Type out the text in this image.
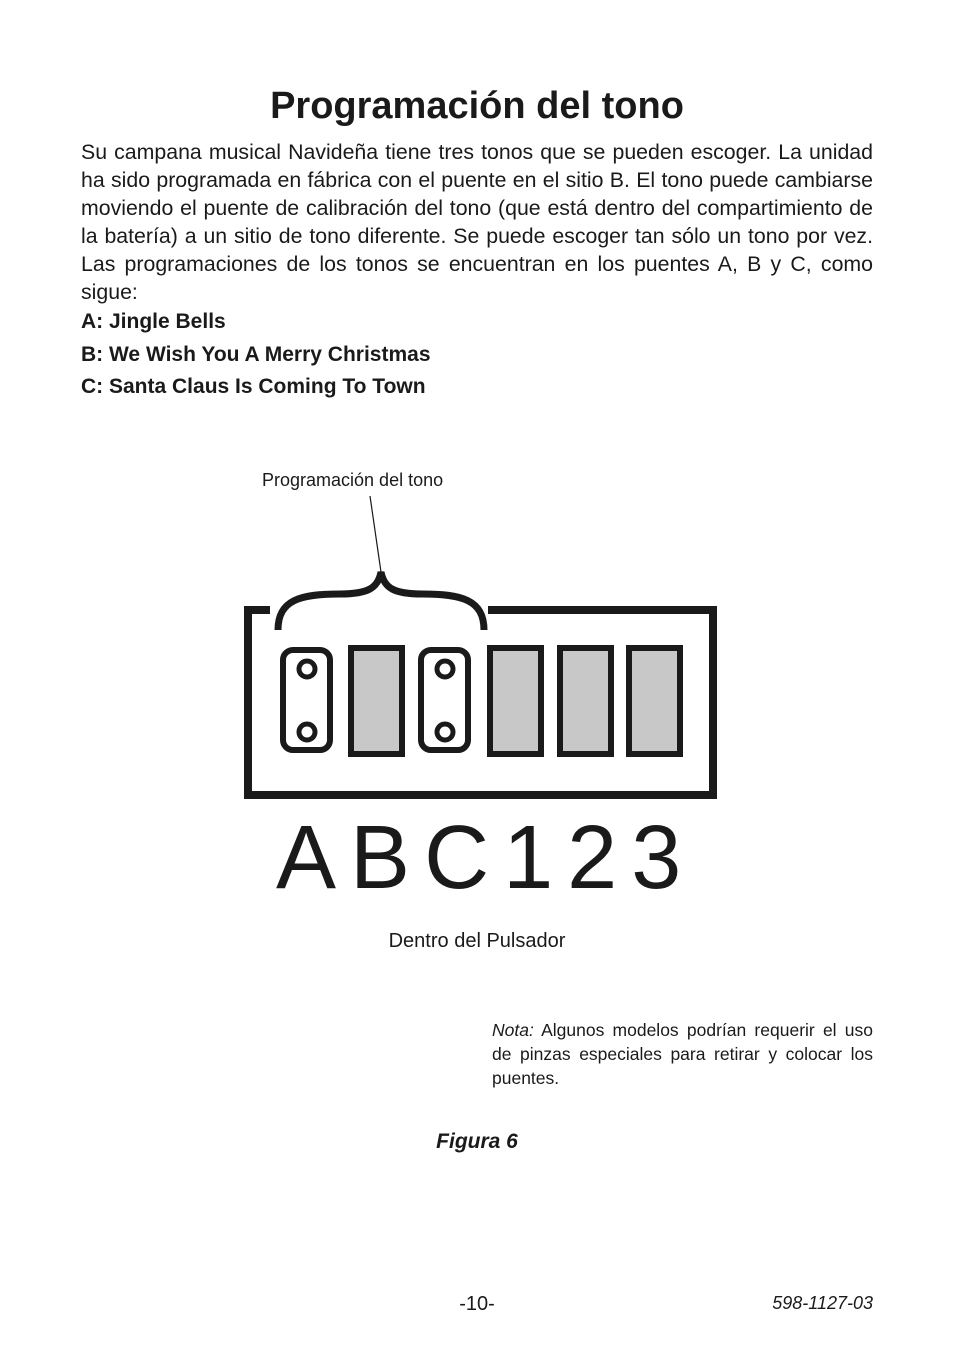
Programación del tono

Su campana musical Navideña tiene tres tonos que se pueden escoger. La unidad ha sido programada en fábrica con el puente en el sitio B. El tono puede cambiarse moviendo el puente de calibración del tono (que está dentro del compartimiento de la batería) a un sitio de tono diferente. Se puede escoger tan sólo un tono por vez. Las programaciones de los tonos se encuentran en los puentes A, B y C, como sigue:

A: Jingle Bells

B: We Wish You A Merry Christmas

C: Santa Claus Is Coming To Town

Programación del tono
A B C 1 2 3
Dentro del Pulsador

Nota: Algunos modelos podrían requerir el uso de pinzas especiales para retirar y colocar los puentes.

Figura 6
-10-	598-1127-03
